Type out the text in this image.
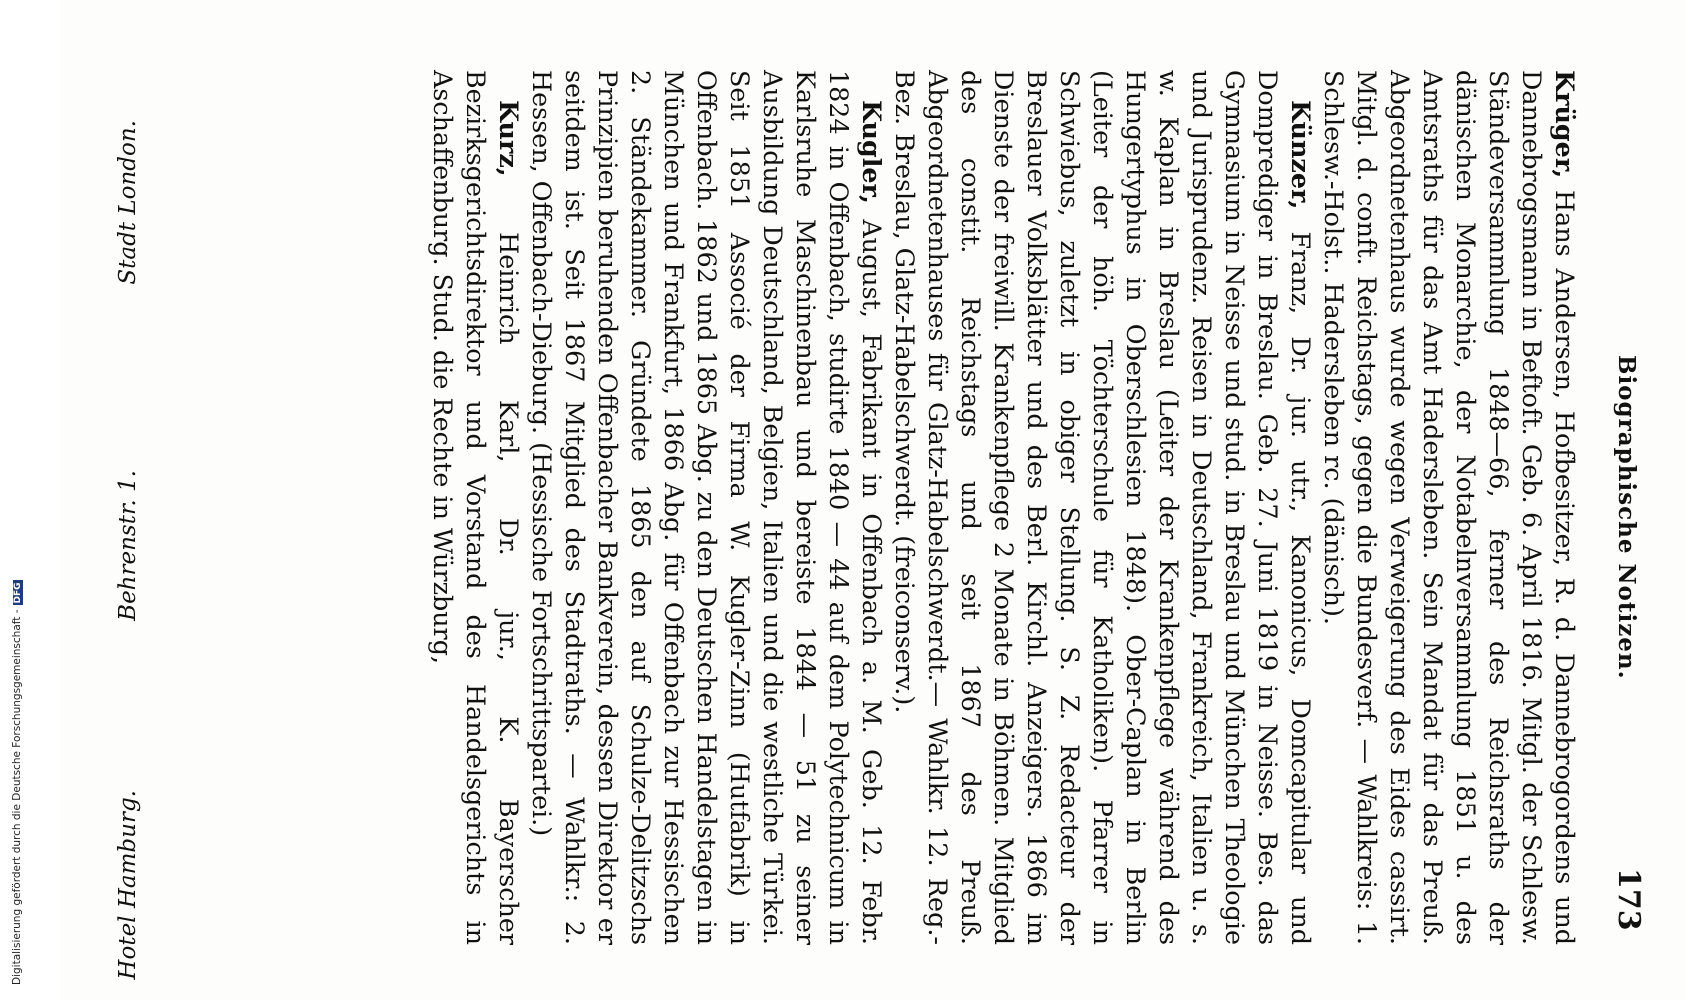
Digitalisierung gefördert durch die Deutsche Forschungsgemeinschaft -DFG	Biographische Notizen.
173

Krüger, Hans Andersen, Hofbesitzer, R. d. Dannebrogordens und Dannebrogsmann in Beftoft. Geb. 6. April 1816. Mitgl. der Schlesw. Ständeversammlung 1848—66, ferner des Reichsraths der dänischen Monarchie, der Notabelnversammlung 1851 u. des Amtsraths für das Amt Hadersleben. Sein Mandat für das Preuß. Abgeordnetenhaus wurde wegen Verweigerung des Eides cassirt. Mitgl. d. conft. Reichstags, gegen die Bundesverf. — Wahlkreis: 1. Schlesw.-Holst.. Hadersleben rc. (dänisch).

Künzer, Franz, Dr. jur. utr., Kanonicus, Domcapitular und Domprediger in Breslau. Geb. 27. Juni 1819 in Neisse. Bes. das Gymnasium in Neisse und stud. in Breslau und München Theologie und Jurisprudenz. Reisen in Deutschland, Frankreich, Italien u. s. w. Kaplan in Breslau (Leiter der Krankenpflege während des Hungertyphus in Oberschlesien 1848). Ober-Caplan in Berlin (Leiter der höh. Töchterschule für Katholiken). Pfarrer in Schwiebus, zuletzt in obiger Stellung. S. Z. Redacteur der Breslauer Volksblätter und des Berl. Kirchl. Anzeigers. 1866 im Dienste der freiwill. Krankenpflege 2 Monate in Böhmen. Mitglied des constit. Reichstags und seit 1867 des Preuß. Abgeordnetenhauses für Glatz-Habelschwerdt.— Wahlkr. 12. Reg.-Bez. Breslau, Glatz-Habelschwerdt. (freiconserv.).

Kugler, August, Fabrikant in Offenbach a. M. Geb. 12. Febr. 1824 in Offenbach, studirte 1840 — 44 auf dem Polytechnicum in Karlsruhe Maschinenbau und bereiste 1844 — 51 zu seiner Ausbildung Deutschland, Belgien, Italien und die westliche Türkei. Seit 1851 Associé der Firma W. Kugler-Zinn (Hutfabrik) in Offenbach. 1862 und 1865 Abg. zu den Deutschen Handelstagen in München und Frankfurt, 1866 Abg. für Offenbach zur Hessischen 2. Ständekammer. Gründete 1865 den auf Schulze-Delitzschs Prinzipien beruhenden Offenbacher Bankverein, dessen Direktor er seitdem ist. Seit 1867 Mitglied des Stadtraths. — Wahlkr.: 2. Hessen, Offenbach-Dieburg. (Hessische Fortschrittspartei.)

Kurz, Heinrich Karl, Dr. jur., K. Bayerscher Bezirksgerichtsdirektor und Vorstand des Handelsgerichts in Aschaffenburg. Stud. die Rechte in Würzburg,

Stadt London.
Behrenstr. 1.
Hotel Hamburg.
